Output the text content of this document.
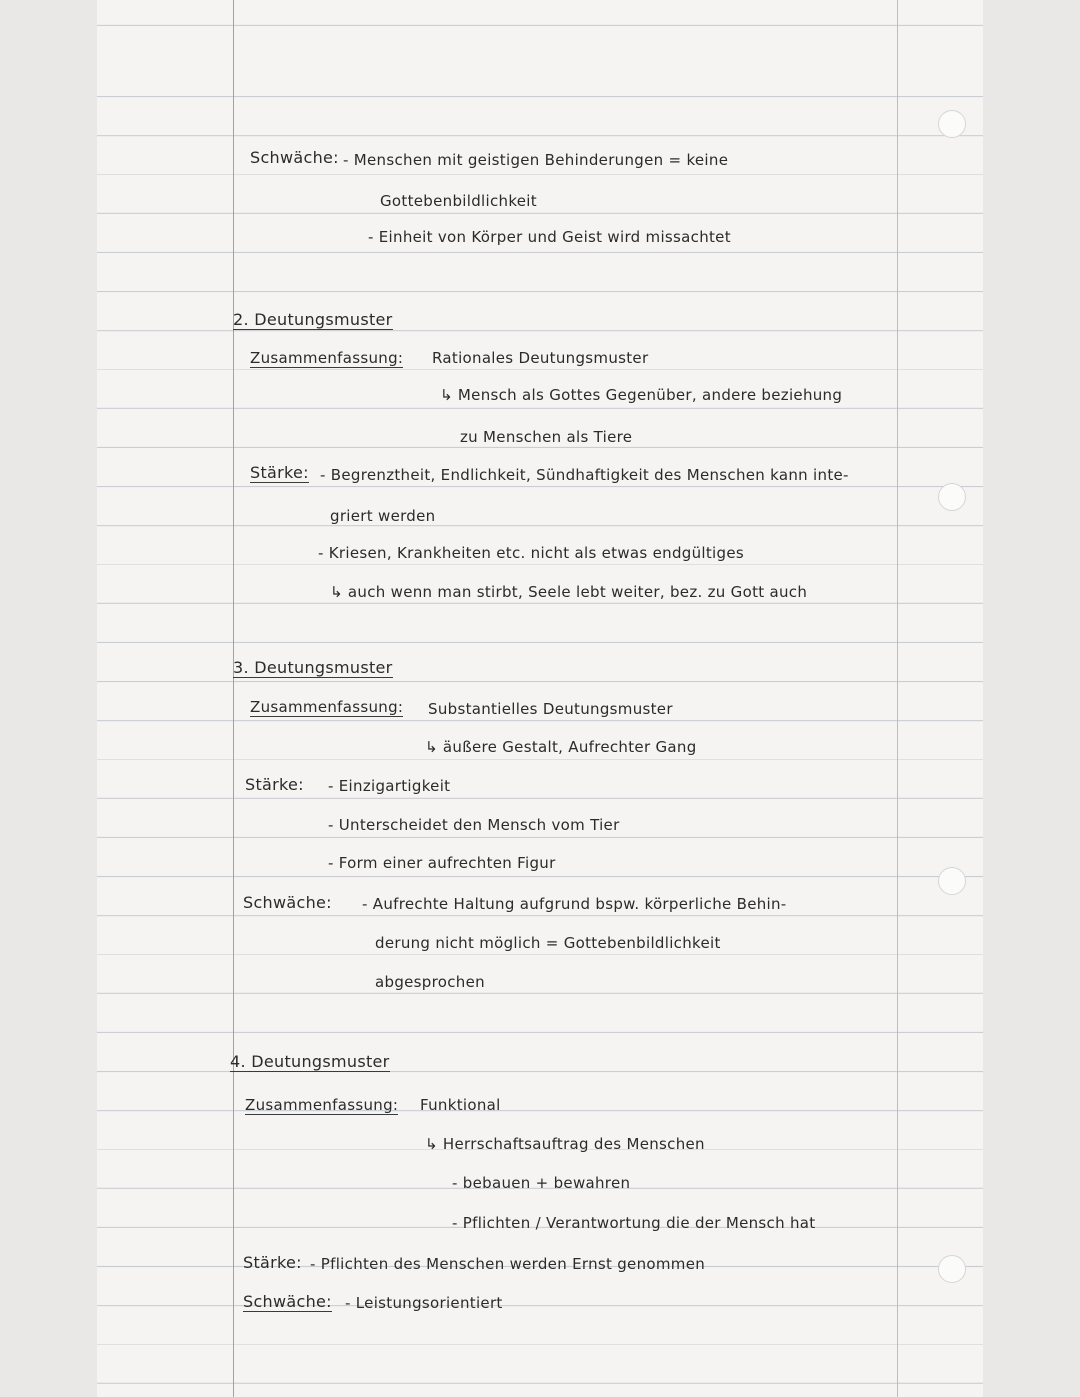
Schwäche: - Menschen mit geistigen Behinderungen = keine
Gottebenbildlichkeit
- Einheit von Körper und Geist wird missachtet
2. Deutungsmuster
Zusammenfassung: Rationales Deutungsmuster
↳ Mensch als Gottes Gegenüber, andere beziehung
zu Menschen als Tiere
Stärke: - Begrenztheit, Endlichkeit, Sündhaftigkeit des Menschen kann inte-
griert werden
- Kriesen, Krankheiten etc. nicht als etwas endgültiges
↳ auch wenn man stirbt, Seele lebt weiter, bez. zu Gott auch
3. Deutungsmuster
Zusammenfassung: Substantielles Deutungsmuster
↳ äußere Gestalt, Aufrechter Gang
Stärke: - Einzigartigkeit
- Unterscheidet den Mensch vom Tier
- Form einer aufrechten Figur
Schwäche: - Aufrechte Haltung aufgrund bspw. körperliche Behin-
derung nicht möglich = Gottebenbildlichkeit
abgesprochen
4. Deutungsmuster
Zusammenfassung: Funktional
↳ Herrschaftsauftrag des Menschen
- bebauen + bewahren
- Pflichten / Verantwortung die der Mensch hat
Stärke: - Pflichten des Menschen werden Ernst genommen
Schwäche: - Leistungsorientiert
